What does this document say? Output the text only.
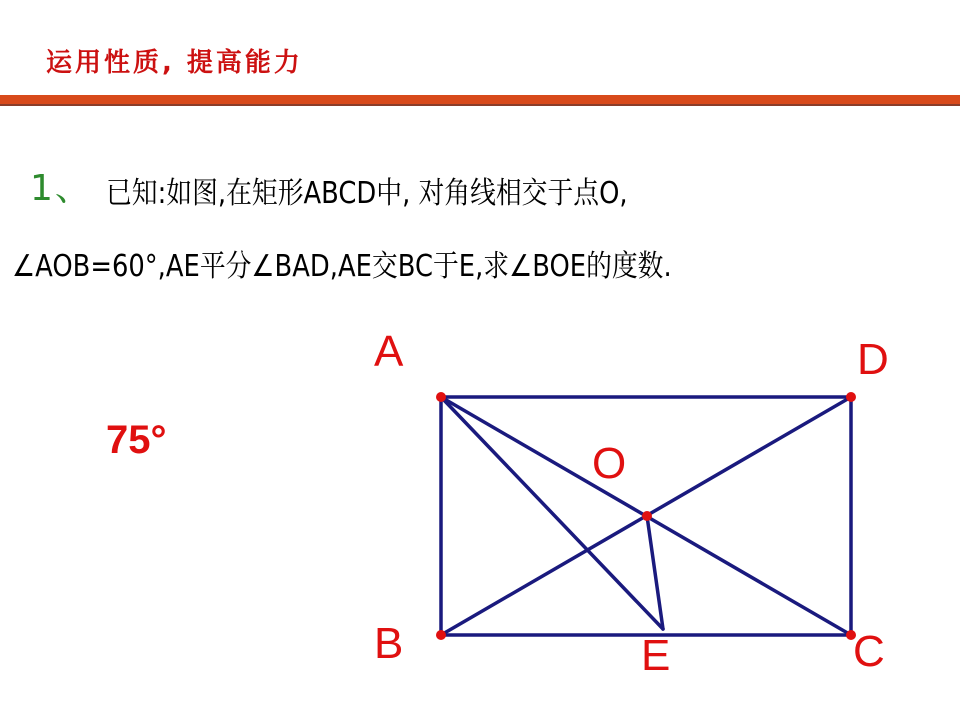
运用性质, 提高能力
1、 已知:如图,在矩形ABCD中, 对角线相交于点O,
∠AOB=60°,AE平分∠BAD,AE交BC于E,求∠BOE的度数.
75°
A	D
O
B	E	C
